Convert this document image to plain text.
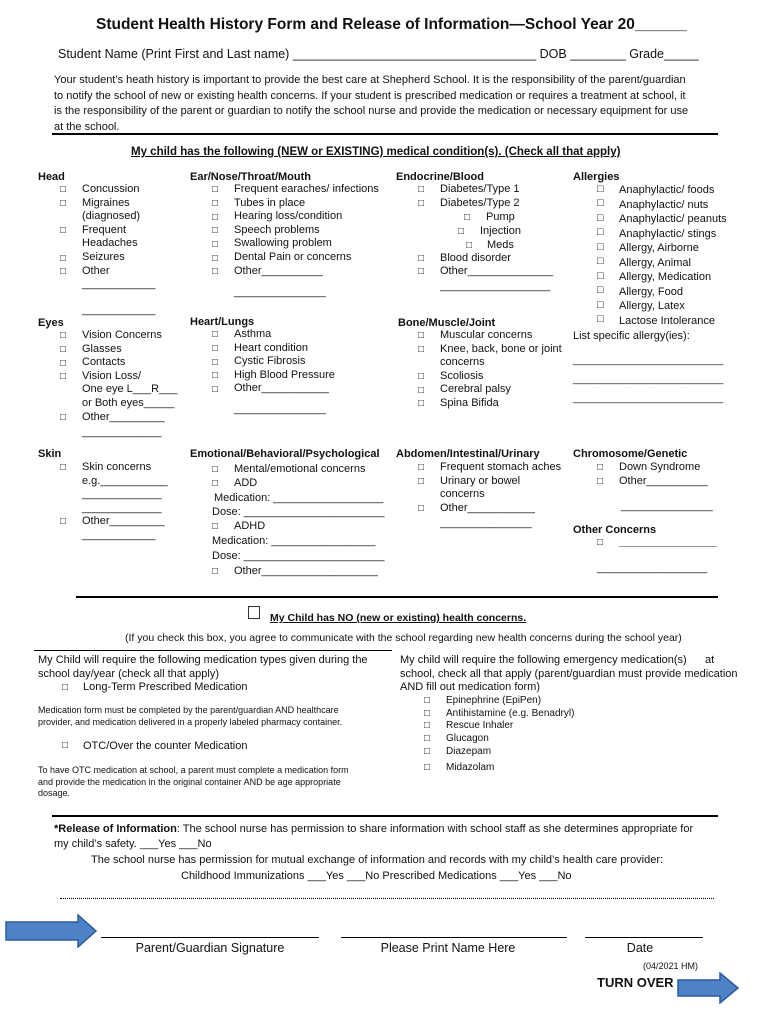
Student Health History Form and Release of Information—School Year 20______
Student Name (Print First and Last name) ___________________________________ DOB ________ Grade_____
Your student’s heath history is important to provide the best care at Shepherd School. It is the responsibility of the parent/guardian
to notify the school of new or existing health concerns. If your student is prescribed medication or requires a treatment at school, it
is the responsibility of the parent or guardian to notify the school nurse and provide the medication or necessary equipment for use
at the school.
My child has the following (NEW or EXISTING) medical condition(s). (Check all that apply)
Head
□
□
□
□
□
Concussion
Migraines
(diagnosed)
Frequent
Headaches
Seizures
Other
____________
____________
Ear/Nose/Throat/Mouth
□
□
□
□
□
□
□
Frequent earaches/ infections
Tubes in place
Hearing loss/condition
Speech problems
Swallowing problem
Dental Pain or concerns
Other__________
_______________
Endocrine/Blood
□
□
□
□
□
□
□
Diabetes/Type 1
Diabetes/Type 2
Pump
Injection
Meds
Blood disorder
Other______________
__________________
Allergies
□
□
□
□
□
□
□
□
□
□
Anaphylactic/ foods
Anaphylactic/ nuts
Anaphylactic/ peanuts
Anaphylactic/ stings
Allergy, Airborne
Allergy, Animal
Allergy, Medication
Allergy, Food
Allergy, Latex
Lactose Intolerance
List specific allergy(ies):
___________________________
___________________________
___________________________
Eyes
□
□
□
□
□
Vision Concerns
Glasses
Contacts
Vision Loss/
One eye L___R___
or Both eyes_____
Other_________
_____________
Heart/Lungs
□
□
□
□
□
Asthma
Heart condition
Cystic Fibrosis
High Blood Pressure
Other___________
_______________
Bone/Muscle/Joint
□
□
□
□
□
Muscular concerns
Knee, back, bone or joint
concerns
Scoliosis
Cerebral palsy
Spina Bifida
Skin
□
□
Skin concerns
e.g.___________
_____________
_____________
Other_________
____________
Emotional/Behavioral/Psychological
□
□
□
□
Mental/emotional concerns
ADD
Medication: __________________
Dose: _______________________
ADHD
Medication: _________________
Dose: _______________________
Other___________________
Abdomen/Intestinal/Urinary
□
□
□
Frequent stomach aches
Urinary or bowel
concerns
Other___________
_______________
Chromosome/Genetic
□
□
Down Syndrome
Other__________
_______________
Other Concerns
□ ________________
__________________
My Child has NO (new or existing) health concerns.
(If you check this box, you agree to communicate with the school regarding new health concerns during the school year)
My Child will require the following medication types given during the
school day/year (check all that apply)
□ Long-Term Prescribed Medication
Medication form must be completed by the parent/guardian AND healthcare
provider, and medication delivered in a properly labeled pharmacy container.
□ OTC/Over the counter Medication
To have OTC medication at school, a parent must complete a medication form
and provide the medication in the original container AND be age appropriate
dosage.
My child will require the following emergency medication(s)      at
school, check all that apply (parent/guardian must provide medication
AND fill out medication form)
□
□
□
□
□
□
Epinephrine (EpiPen)
Antihistamine (e.g. Benadryl)
Rescue Inhaler
Glucagon
Diazepam
Midazolam
*Release of Information: The school nurse has permission to share information with school staff as she determines appropriate for
my child’s safety. ___Yes ___No
The school nurse has permission for mutual exchange of information and records with my child’s health care provider:
Childhood Immunizations ___Yes ___No Prescribed Medications ___Yes ___No
Parent/Guardian Signature	Please Print Name Here	Date
(04/2021 HM)
TURN OVER
